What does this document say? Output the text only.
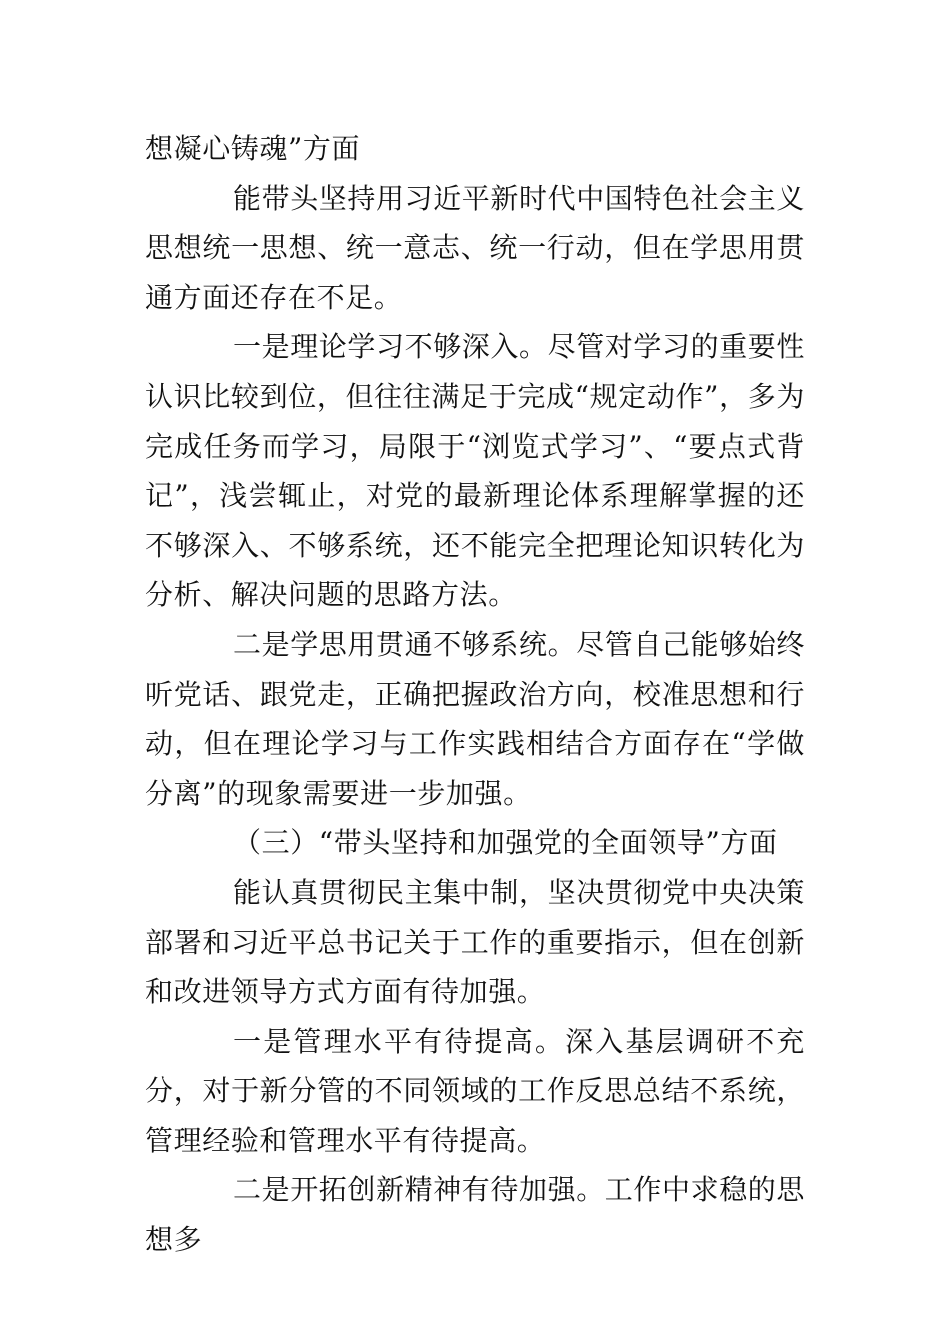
想凝心铸魂”方面

能带头坚持用习近平新时代中国特色社会主义思想统一思想、统一意志、统一行动，但在学思用贯通方面还存在不足。

一是理论学习不够深入。尽管对学习的重要性认识比较到位，但往往满足于完成“规定动作”，多为完成任务而学习，局限于“浏览式学习”、“要点式背记”，浅尝辄止，对党的最新理论体系理解掌握的还不够深入、不够系统，还不能完全把理论知识转化为分析、解决问题的思路方法。

二是学思用贯通不够系统。尽管自己能够始终听党话、跟党走，正确把握政治方向，校准思想和行动，但在理论学习与工作实践相结合方面存在“学做分离”的现象需要进一步加强。

（三）“带头坚持和加强党的全面领导”方面

能认真贯彻民主集中制，坚决贯彻党中央决策部署和习近平总书记关于工作的重要指示，但在创新和改进领导方式方面有待加强。

一是管理水平有待提高。深入基层调研不充分，对于新分管的不同领域的工作反思总结不系统，管理经验和管理水平有待提高。

二是开拓创新精神有待加强。工作中求稳的思想多
